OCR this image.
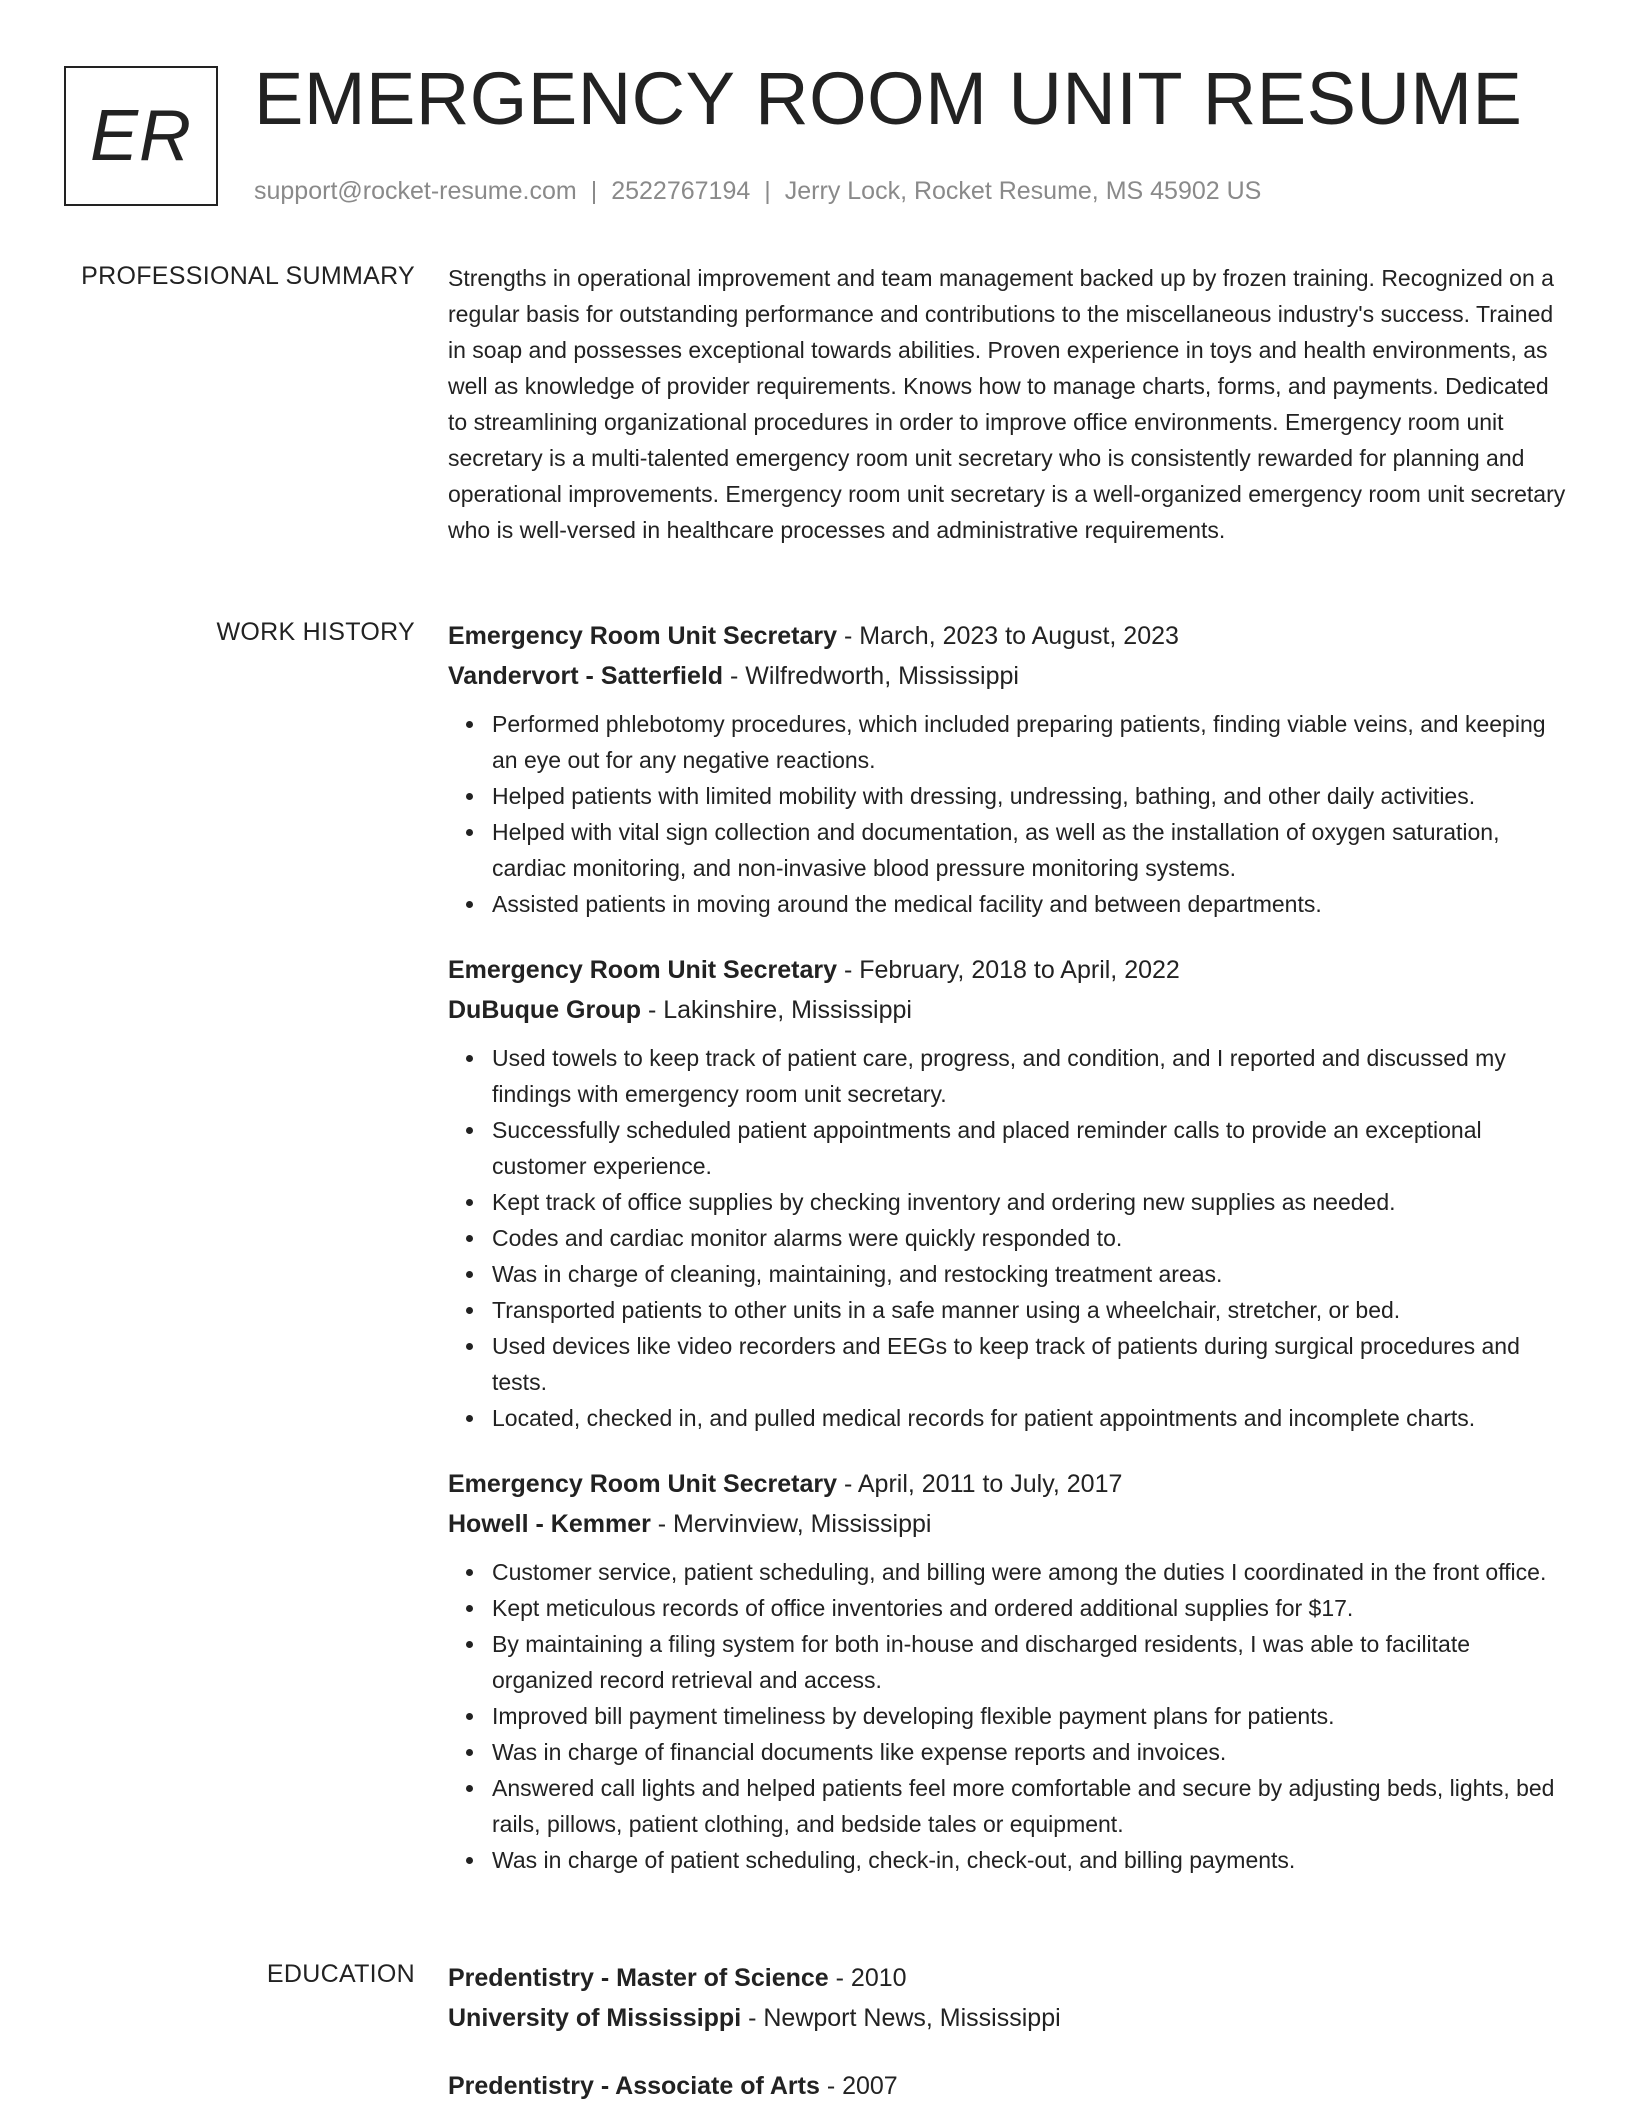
ER EMERGENCY ROOM UNIT RESUME
support@rocket-resume.com | 2522767194 | Jerry Lock, Rocket Resume, MS 45902 US
PROFESSIONAL SUMMARY Strengths in operational improvement and team management backed up by frozen training. Recognized on a regular basis for outstanding performance and contributions to the miscellaneous industry's success. Trained in soap and possesses exceptional towards abilities. Proven experience in toys and health environments, as well as knowledge of provider requirements. Knows how to manage charts, forms, and payments. Dedicated to streamlining organizational procedures in order to improve office environments. Emergency room unit secretary is a multi-talented emergency room unit secretary who is consistently rewarded for planning and operational improvements. Emergency room unit secretary is a well-organized emergency room unit secretary who is well-versed in healthcare processes and administrative requirements.

WORK HISTORY Emergency Room Unit Secretary - March, 2023 to August, 2023
Vandervort - Satterfield - Wilfredworth, Mississippi
Performed phlebotomy procedures, which included preparing patients, finding viable veins, and keeping an eye out for any negative reactions.
Helped patients with limited mobility with dressing, undressing, bathing, and other daily activities.
Helped with vital sign collection and documentation, as well as the installation of oxygen saturation, cardiac monitoring, and non-invasive blood pressure monitoring systems.
Assisted patients in moving around the medical facility and between departments.
Emergency Room Unit Secretary - February, 2018 to April, 2022
DuBuque Group - Lakinshire, Mississippi
Used towels to keep track of patient care, progress, and condition, and I reported and discussed my findings with emergency room unit secretary.
Successfully scheduled patient appointments and placed reminder calls to provide an exceptional customer experience.
Kept track of office supplies by checking inventory and ordering new supplies as needed.
Codes and cardiac monitor alarms were quickly responded to.
Was in charge of cleaning, maintaining, and restocking treatment areas.
Transported patients to other units in a safe manner using a wheelchair, stretcher, or bed.
Used devices like video recorders and EEGs to keep track of patients during surgical procedures and tests.
Located, checked in, and pulled medical records for patient appointments and incomplete charts.
Emergency Room Unit Secretary - April, 2011 to July, 2017
Howell - Kemmer - Mervinview, Mississippi
Customer service, patient scheduling, and billing were among the duties I coordinated in the front office.
Kept meticulous records of office inventories and ordered additional supplies for $17.
By maintaining a filing system for both in-house and discharged residents, I was able to facilitate organized record retrieval and access.
Improved bill payment timeliness by developing flexible payment plans for patients.
Was in charge of financial documents like expense reports and invoices.
Answered call lights and helped patients feel more comfortable and secure by adjusting beds, lights, bed rails, pillows, patient clothing, and bedside tales or equipment.
Was in charge of patient scheduling, check-in, check-out, and billing payments.
EDUCATION Predentistry - Master of Science - 2010
University of Mississippi - Newport News, Mississippi
Predentistry - Associate of Arts - 2007
